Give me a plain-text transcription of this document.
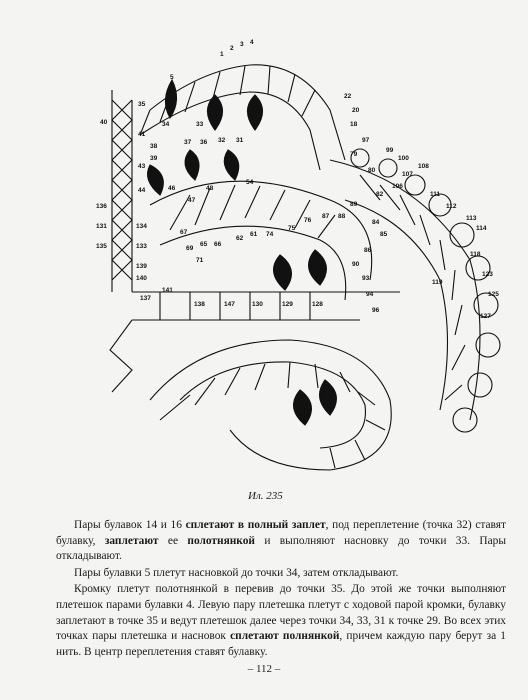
5
35
40
41
43
44
136
34	33
38
39
37 36	31
32
46	48
54
47
65 66
62
61
131	134
135
139
140
137
141
133
138	147	130	129	128
1
2
3 4
22
20
18
97
99
100
108
107
106
111
112
113
114
118
123
125
127
119
79
80
82
84
85
86
67
69
71
74
75
76
87 88
89
90
93
94
96
Ил. 235

Пары булавок 14 и 16 сплетают в полный заплет, под переплетение (точка 32) ставят булавку, заплетают ее полотнянкой и выполняют насновку до точки 33. Пары откладывают.

Пары булавки 5 плетут насновкой до точки 34, затем откладывают.

Кромку плетут полотнянкой в перевив до точки 35. До этой же точки выполняют плетешок парами булавки 4. Левую пару плетешка плетут с ходовой парой кромки, булавку заплетают в точке 35 и ведут плетешок далее через точки 34, 33, 31 к точке 29. Во всех этих точках пары плетешка и насновок сплетают полнянкой, причем каждую пару берут за 1 нить. В центр переплетения ставят булавку.

– 112 –
